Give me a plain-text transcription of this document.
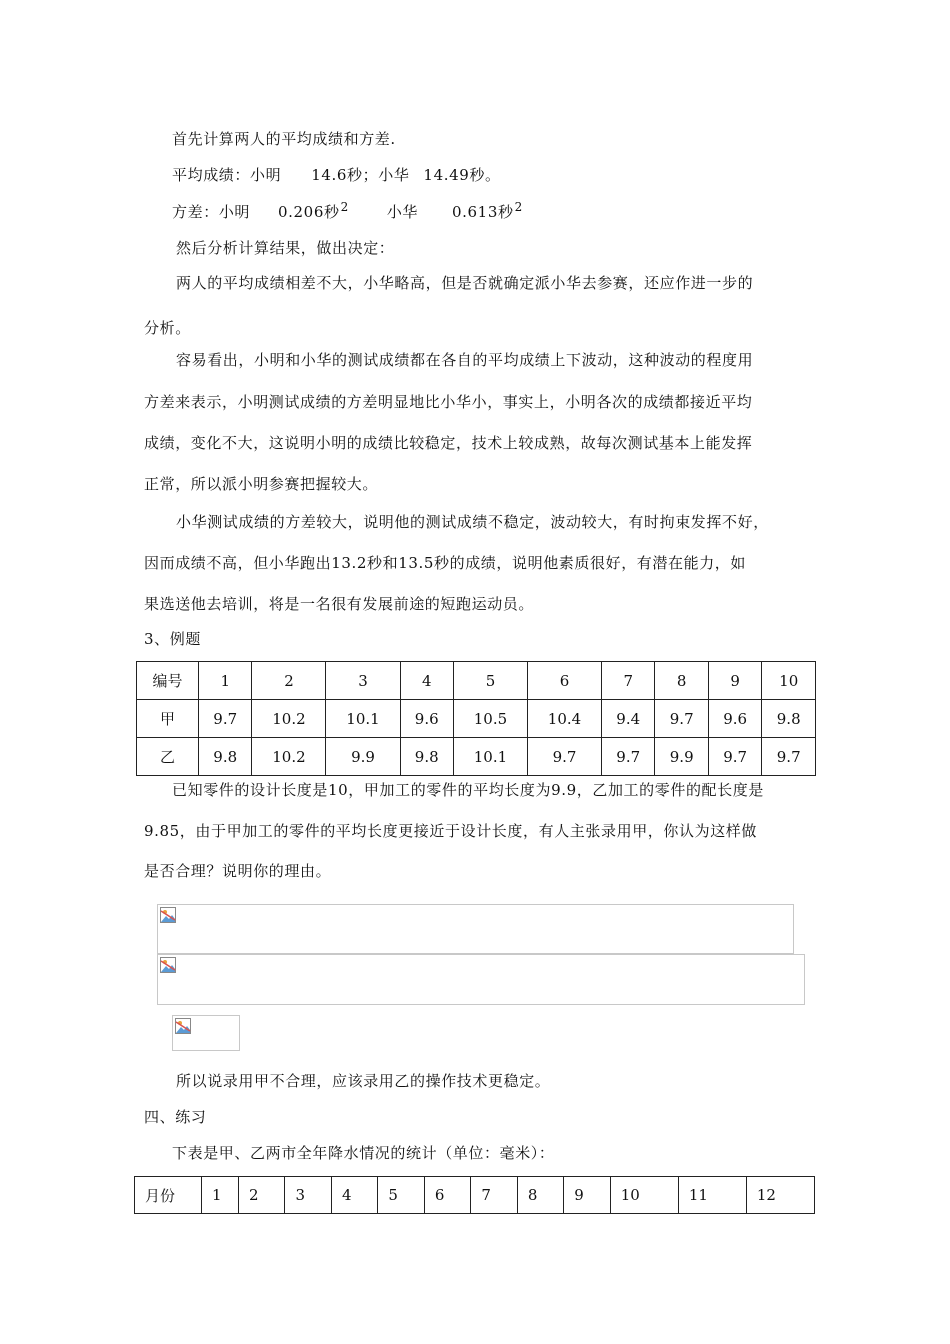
首先计算两人的平均成绩和方差.
平均成绩：小明 14.6秒；小华 14.49秒。
方差：小明 0.206秒$^2$	小华 0.613秒$^2$
然后分析计算结果，做出决定：
两人的平均成绩相差不大，小华略高，但是否就确定派小华去参赛，还应作进一步的
分析。
容易看出，小明和小华的测试成绩都在各自的平均成绩上下波动，这种波动的程度用
方差来表示，小明测试成绩的方差明显地比小华小，事实上，小明各次的成绩都接近平均
成绩，变化不大，这说明小明的成绩比较稳定，技术上较成熟，故每次测试基本上能发挥
正常，所以派小明参赛把握较大。
小华测试成绩的方差较大，说明他的测试成绩不稳定，波动较大，有时拘束发挥不好，
因而成绩不高，但小华跑出13.2秒和13.5秒的成绩，说明他素质很好，有潜在能力，如
果选送他去培训，将是一名很有发展前途的短跑运动员。
3、例题
编号	1	2	3	4	5	6	7	8	9	10
甲	9.7	10.2	10.1	9.6	10.5	10.4	9.4	9.7	9.6	9.8
乙	9.8	10.2	9.9	9.8	10.1	9.7	9.7	9.9	9.7	9.7
已知零件的设计长度是10，甲加工的零件的平均长度为9.9，乙加工的零件的配长度是
9.85，由于甲加工的零件的平均长度更接近于设计长度，有人主张录用甲，你认为这样做
是否合理？说明你的理由。
所以说录用甲不合理，应该录用乙的操作技术更稳定。
四、练习
下表是甲、乙两市全年降水情况的统计（单位：毫米）：
月份	1	2	3	4	5	6	7	8	9	10	11	12
